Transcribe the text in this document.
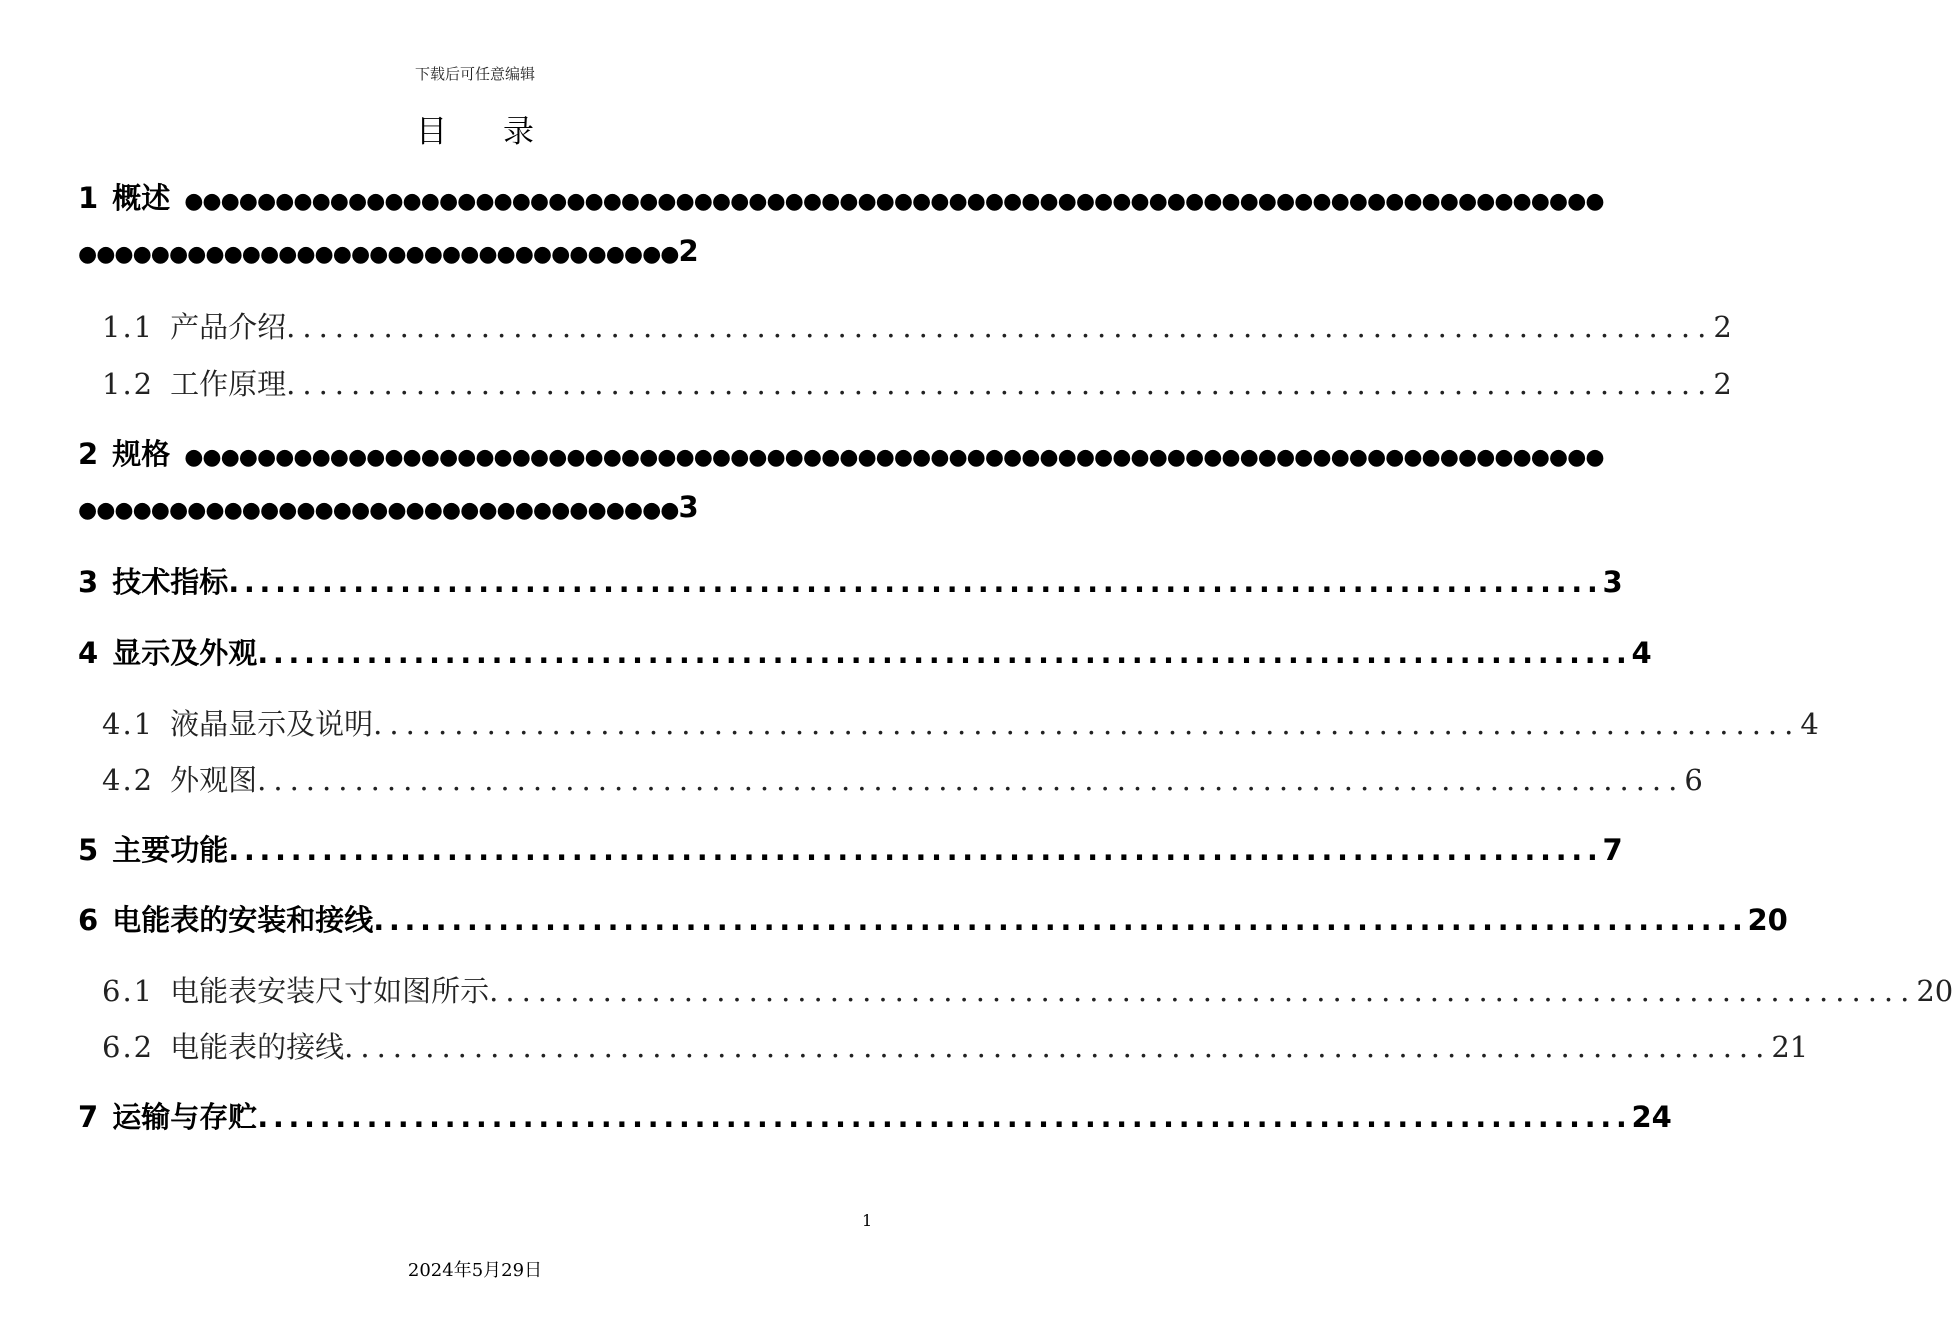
下载后可任意编辑
目录
1 概述 ●●●●●●●●●●●●●●●●●●●●●●●●●●●●●●●●●●●●●●●●●●●●●●●●●●●●●●●●●●●●●●●●●●●●●●●●●●●●●●
●●●●●●●●●●●●●●●●●●●●●●●●●●●●●●●●●2
1.1 产品介绍 ........................................................................................ 2
1.2 工作原理 ........................................................................................ 2
2 规格 ●●●●●●●●●●●●●●●●●●●●●●●●●●●●●●●●●●●●●●●●●●●●●●●●●●●●●●●●●●●●●●●●●●●●●●●●●●●●●●
●●●●●●●●●●●●●●●●●●●●●●●●●●●●●●●●●3
3 技术指标 ........................................................................................ 3
4 显示及外观 ........................................................................................ 4
4.1 液晶显示及说明 ........................................................................................ 4
4.2 外观图 ........................................................................................ 6
5 主要功能 ........................................................................................ 7
6 电能表的安装和接线 ........................................................................................ 20
6.1 电能表安装尺寸如图所示 ........................................................................................ 20
6.2 电能表的接线 ........................................................................................ 21
7 运输与存贮 ........................................................................................ 24
1
2024年5月29日
